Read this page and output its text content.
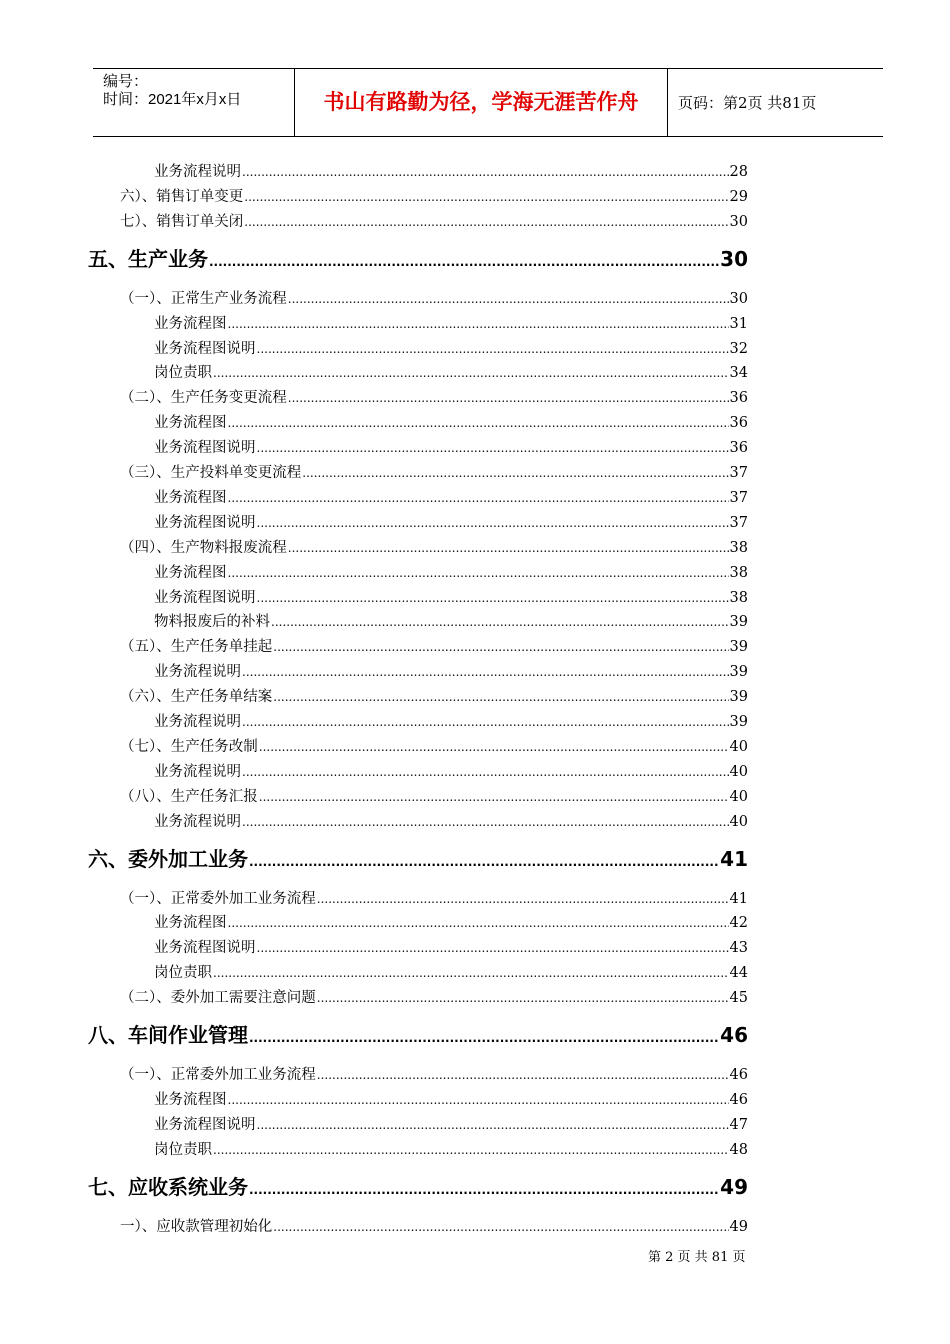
编号：
时间：2021年x月x日	书山有路勤为径，学海无涯苦作舟	页码：第2页 共81页
业务流程说明 .....	28
六）、销售订单变更 .....	29
七）、销售订单关闭 .....	30
五、生产业务 .....	30
（一）、正常生产业务流程 .....	30
业务流程图 .....	31
业务流程图说明 .....	32
岗位责职 .....	34
（二）、生产任务变更流程 .....	36
业务流程图 .....	36
业务流程图说明 .....	36
（三）、生产投料单变更流程 .....	37
业务流程图 .....	37
业务流程图说明 .....	37
（四）、生产物料报废流程 .....	38
业务流程图 .....	38
业务流程图说明 .....	38
物料报废后的补料 .....	39
（五）、生产任务单挂起 .....	39
业务流程说明 .....	39
（六）、生产任务单结案 .....	39
业务流程说明 .....	39
（七）、生产任务改制 .....	40
业务流程说明 .....	40
（八）、生产任务汇报 .....	40
业务流程说明 .....	40
六、委外加工业务 .....	41
（一）、正常委外加工业务流程 .....	41
业务流程图 .....	42
业务流程图说明 .....	43
岗位责职 .....	44
（二）、委外加工需要注意问题 .....	45
八、车间作业管理 .....	46
（一）、正常委外加工业务流程 .....	46
业务流程图 .....	46
业务流程图说明 .....	47
岗位责职 .....	48
七、应收系统业务 .....	49
一）、应收款管理初始化 .....	49
第 2 页 共 81 页
